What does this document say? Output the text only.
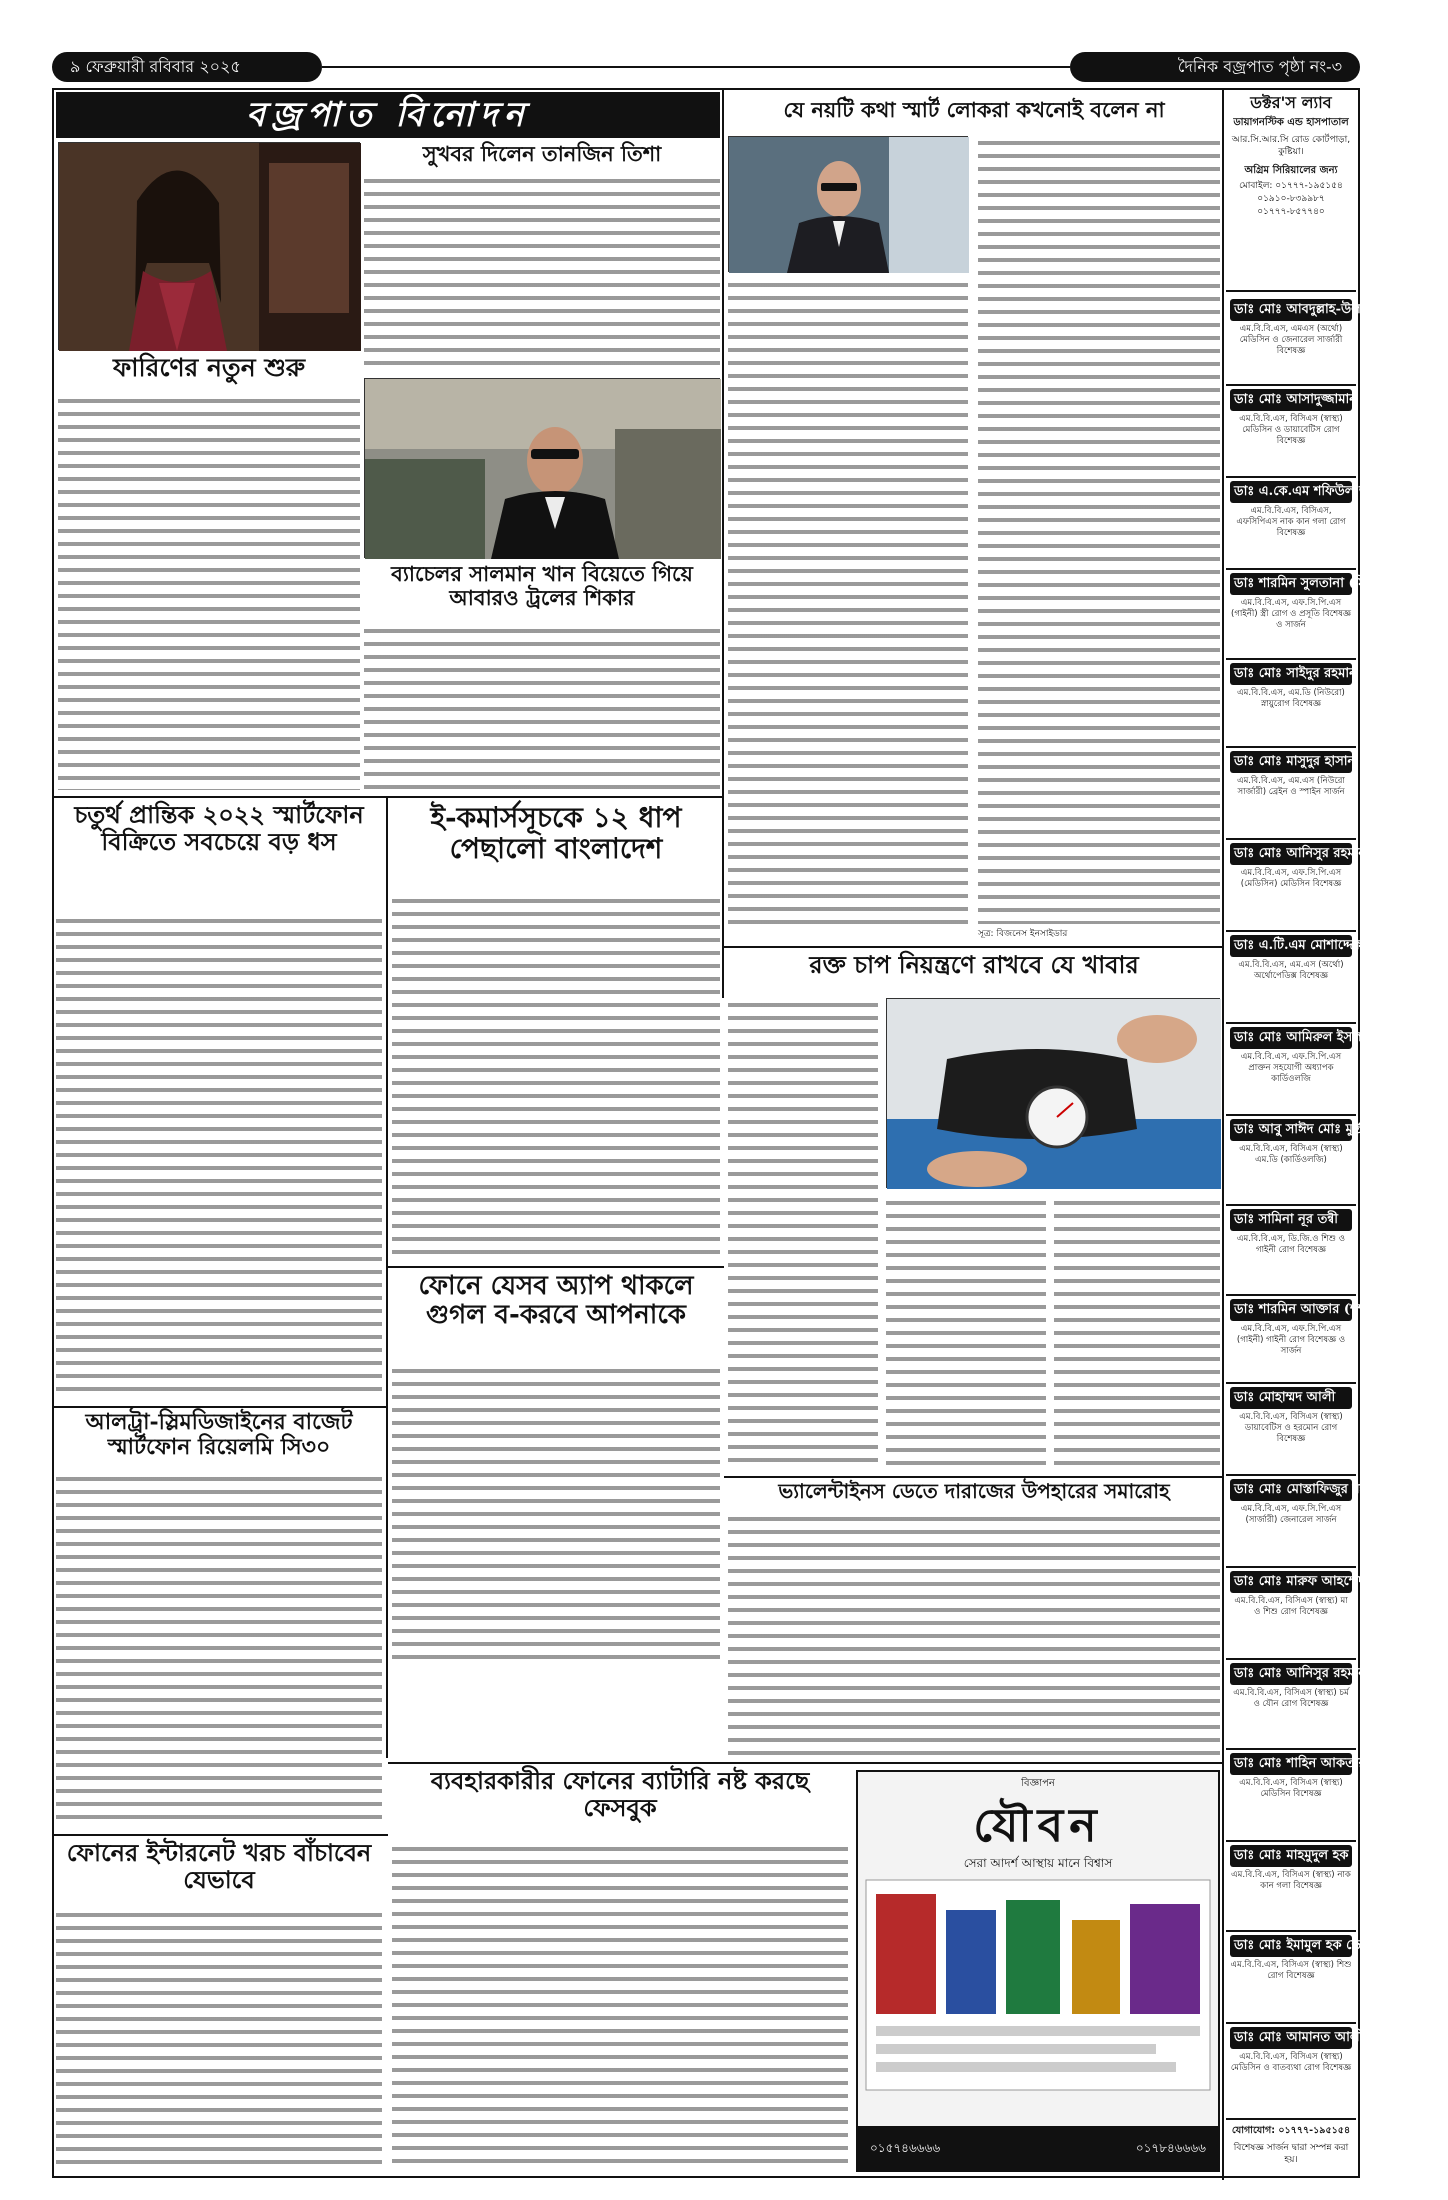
৯ ফেব্রুয়ারী রবিবার ২০২৫	দৈনিক বজ্রপাত পৃষ্ঠা নং-৩
বজ্রপাত বিনোদন
ফারিণের নতুন শুরু
সুখবর দিলেন তানজিন তিশা
ব্যাচেলর সালমান খান বিয়েতে গিয়ে আবারও ট্রলের শিকার
যে নয়টি কথা স্মার্ট লোকরা কখনোই বলেন না
সূত্র: বিজনেস ইনসাইডার
চতুর্থ প্রান্তিক ২০২২ স্মার্টফোন বিক্রিতে সবচেয়ে বড় ধস
ই-কমার্সসূচকে ১২ ধাপ পেছালো বাংলাদেশ
ফোনে যেসব অ্যাপ থাকলে গুগল ব-করবে আপনাকে
রক্ত চাপ নিয়ন্ত্রণে রাখবে যে খাবার
আলট্রা-স্লিমডিজাইনের বাজেট স্মার্টফোন রিয়েলমি সি৩০
ভ্যালেন্টাইনস ডেতে দারাজের উপহারের সমারোহ
ফোনের ইন্টারনেট খরচ বাঁচাবেন যেভাবে
ব্যবহারকারীর ফোনের ব্যাটারি নষ্ট করছে ফেসবুক
বিজ্ঞাপন
যৌবন
সেরা আদর্শ আস্থায় মানে বিশ্বাস
০১৫৭৪৬৬৬৬	০১৭৮৪৬৬৬৬
ডক্টর'স ল্যাব
ডায়াগনস্টিক এন্ড হাসপাতাল
আর.সি.আর.সি রোড কোর্টপাড়া, কুষ্টিয়া।
অগ্রিম সিরিয়ালের জন্য
মোবাইল: ০১৭৭৭-১৯৫১৫৪
০১৯১০-৮৩৯৯৮৭
০১৭৭৭-৮৫৭৭৪০
ডাঃ মোঃ আবদুল্লাহ-উল-হুদাহ
এম.বি.বি.এস, এমএস (অর্থো) মেডিসিন ও জেনারেল সার্জারী বিশেষজ্ঞ
ডাঃ মোঃ আসাদুজ্জামান
এম.বি.বি.এস, বিসিএস (স্বাস্থ্য) মেডিসিন ও ডায়াবেটিস রোগ বিশেষজ্ঞ
ডাঃ এ.কে.এম শফিউল আযম
এম.বি.বি.এস, বিসিএস, এফসিপিএস নাক কান গলা রোগ বিশেষজ্ঞ
ডাঃ শারমিন সুলতানা (মিতা)
এম.বি.বি.এস, এফ.সি.পি.এস (গাইনী) স্ত্রী রোগ ও প্রসূতি বিশেষজ্ঞ ও সার্জন
ডাঃ মোঃ সাইদুর রহমান (সাদা)
এম.বি.বি.এস, এম.ডি (নিউরো) স্নায়ুরোগ বিশেষজ্ঞ
ডাঃ মোঃ মাসুদুর হাসান (খোকন)
এম.বি.বি.এস, এম.এস (নিউরো সার্জারী) ব্রেইন ও স্পাইন সার্জন
ডাঃ মোঃ আনিসুর রহমান
এম.বি.বি.এস, এফ.সি.পি.এস (মেডিসিন) মেডিসিন বিশেষজ্ঞ
ডাঃ এ.টি.এম মোশাদ্দেক হোসেন (বিপ্লব)
এম.বি.বি.এস, এম.এস (অর্থো) অর্থোপেডিক্স বিশেষজ্ঞ
ডাঃ মোঃ আমিরুল ইসলাম
এম.বি.বি.এস, এফ.সি.পি.এস প্রাক্তন সহযোগী অধ্যাপক কার্ডিওলজি
ডাঃ আবু সাঈদ মোঃ মুর্তজা
এম.বি.বি.এস, বিসিএস (স্বাস্থ্য) এম.ডি (কার্ডিওলজি)
ডাঃ সামিনা নূর তন্বী
এম.বি.বি.এস, ডি.জি.ও শিশু ও গাইনী রোগ বিশেষজ্ঞ
ডাঃ শারমিন আক্তার (শম্পা)
এম.বি.বি.এস, এফ.সি.পি.এস (গাইনী) গাইনী রোগ বিশেষজ্ঞ ও সার্জন
ডাঃ মোহাম্মদ আলী
এম.বি.বি.এস, বিসিএস (স্বাস্থ্য) ডায়াবেটিস ও হরমোন রোগ বিশেষজ্ঞ
ডাঃ মোঃ মোস্তাফিজুর রহমান
এম.বি.বি.এস, এফ.সি.পি.এস (সার্জারী) জেনারেল সার্জন
ডাঃ মোঃ মারুফ আহম্মেদ
এম.বি.বি.এস, বিসিএস (স্বাস্থ্য) মা ও শিশু রোগ বিশেষজ্ঞ
ডাঃ মোঃ আনিসুর রহমান
এম.বি.বি.এস, বিসিএস (স্বাস্থ্য) চর্ম ও যৌন রোগ বিশেষজ্ঞ
ডাঃ মোঃ শাহিন আকতার সুমন
এম.বি.বি.এস, বিসিএস (স্বাস্থ্য) মেডিসিন বিশেষজ্ঞ
ডাঃ মোঃ মাহমুদুল হক
এম.বি.বি.এস, বিসিএস (স্বাস্থ্য) নাক কান গলা বিশেষজ্ঞ
ডাঃ মোঃ ইমামুল হক ডেভিড
এম.বি.বি.এস, বিসিএস (স্বাস্থ্য) শিশু রোগ বিশেষজ্ঞ
ডাঃ মোঃ আমানত আলী শেখ
এম.বি.বি.এস, বিসিএস (স্বাস্থ্য) মেডিসিন ও বাতব্যথা রোগ বিশেষজ্ঞ
যোগাযোগ: ০১৭৭৭-১৯৫১৫৪
বিশেষজ্ঞ সার্জন দ্বারা সম্পন্ন করা হয়।
